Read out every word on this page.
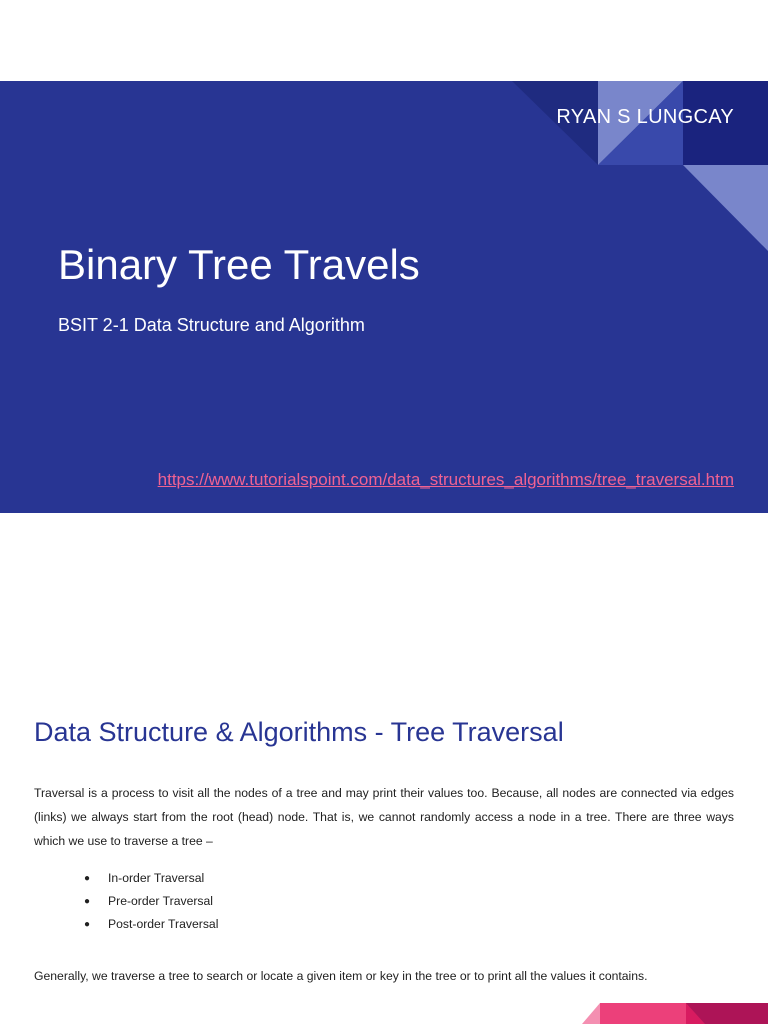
RYAN S LUNGCAY
Binary Tree Travels
BSIT 2-1 Data Structure and Algorithm
https://www.tutorialspoint.com/data_structures_algorithms/tree_traversal.htm
Data Structure & Algorithms - Tree Traversal

Traversal is a process to visit all the nodes of a tree and may print their values too. Because, all nodes are connected via edges (links) we always start from the root (head) node. That is, we cannot randomly access a node in a tree. There are three ways which we use to traverse a tree –

● In-order Traversal
● Pre-order Traversal
● Post-order Traversal

Generally, we traverse a tree to search or locate a given item or key in the tree or to print all the values it contains.
